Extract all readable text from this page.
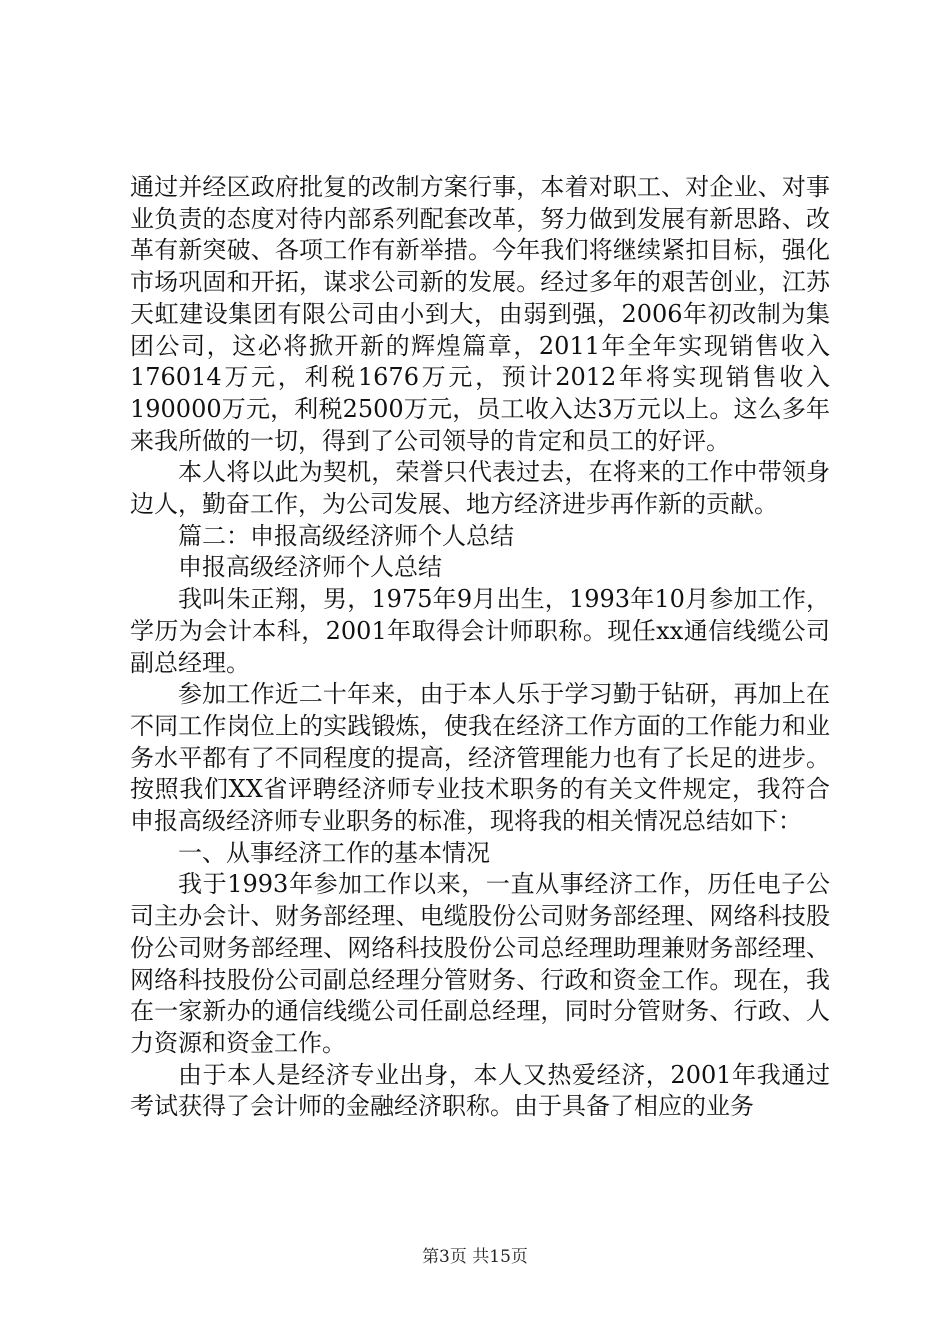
通过并经区政府批复的改制方案行事，本着对职工、对企业、对事业负责的态度对待内部系列配套改革，努力做到发展有新思路、改革有新突破、各项工作有新举措。今年我们将继续紧扣目标，强化市场巩固和开拓，谋求公司新的发展。经过多年的艰苦创业，江苏天虹建设集团有限公司由小到大，由弱到强，2006年初改制为集团公司，这必将掀开新的辉煌篇章，2011年全年实现销售收入176014万元，利税1676万元，预计2012年将实现销售收入190000万元，利税2500万元，员工收入达3万元以上。这么多年来我所做的一切，得到了公司领导的肯定和员工的好评。

本人将以此为契机，荣誉只代表过去，在将来的工作中带领身边人，勤奋工作，为公司发展、地方经济进步再作新的贡献。

篇二：申报高级经济师个人总结

申报高级经济师个人总结

我叫朱正翔，男，1975年9月出生，1993年10月参加工作，学历为会计本科，2001年取得会计师职称。现任xx通信线缆公司副总经理。

参加工作近二十年来，由于本人乐于学习勤于钻研，再加上在不同工作岗位上的实践锻炼，使我在经济工作方面的工作能力和业务水平都有了不同程度的提高，经济管理能力也有了长足的进步。按照我们XX省评聘经济师专业技术职务的有关文件规定，我符合申报高级经济师专业职务的标准，现将我的相关情况总结如下：

一、从事经济工作的基本情况

我于1993年参加工作以来，一直从事经济工作，历任电子公司主办会计、财务部经理、电缆股份公司财务部经理、网络科技股份公司财务部经理、网络科技股份公司总经理助理兼财务部经理、网络科技股份公司副总经理分管财务、行政和资金工作。现在，我在一家新办的通信线缆公司任副总经理，同时分管财务、行政、人力资源和资金工作。

由于本人是经济专业出身，本人又热爱经济，2001年我通过考试获得了会计师的金融经济职称。由于具备了相应的业务

第3页 共15页
